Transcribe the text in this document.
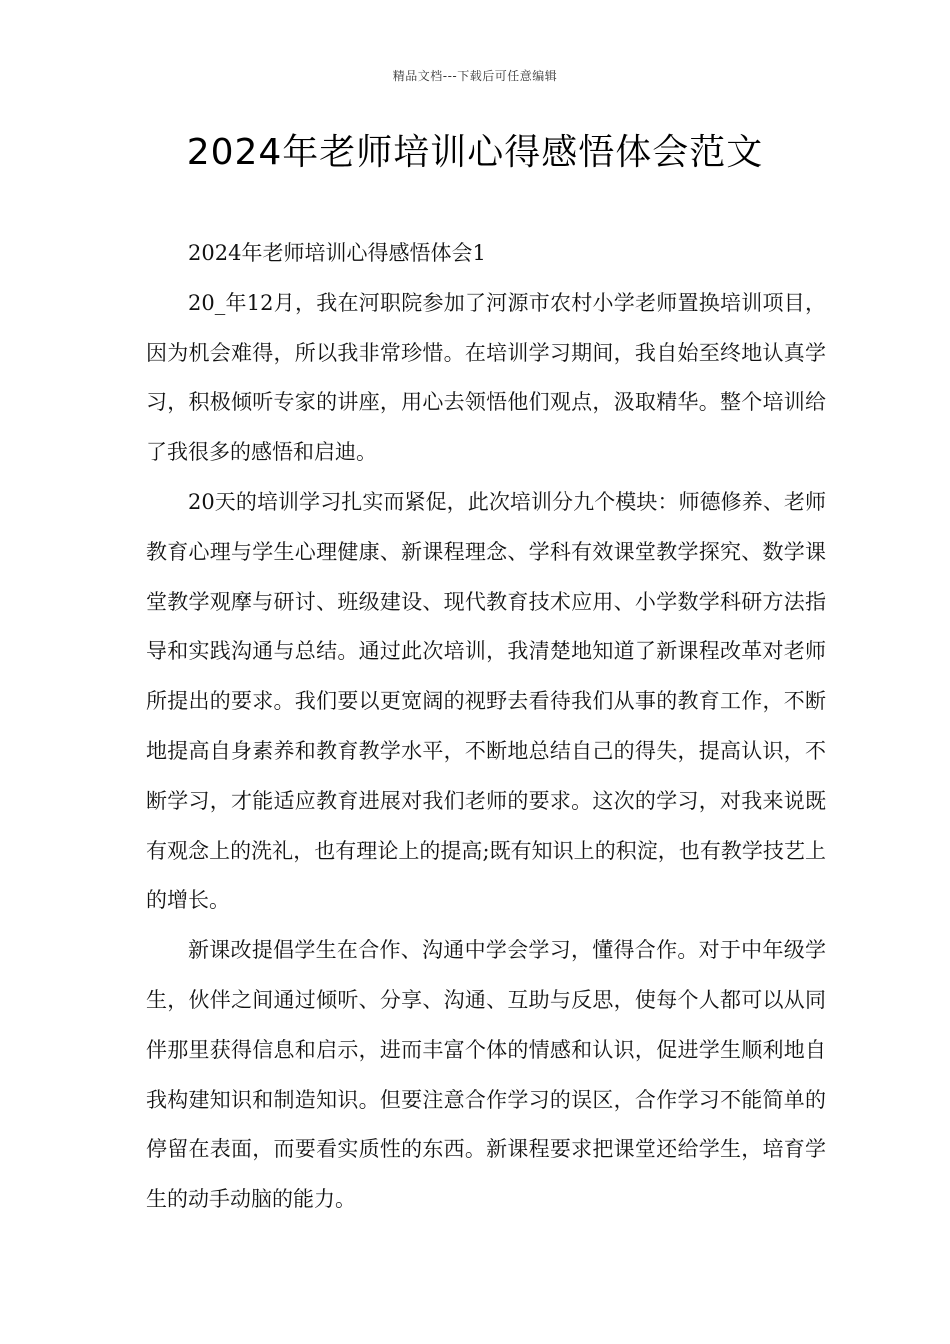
精品文档---下载后可任意编辑
2024年老师培训心得感悟体会范文

2024年老师培训心得感悟体会1

20_年12月，我在河职院参加了河源市农村小学老师置换培训项目，因为机会难得，所以我非常珍惜。在培训学习期间，我自始至终地认真学习，积极倾听专家的讲座，用心去领悟他们观点，汲取精华。整个培训给了我很多的感悟和启迪。

20天的培训学习扎实而紧促，此次培训分九个模块：师德修养、老师教育心理与学生心理健康、新课程理念、学科有效课堂教学探究、数学课堂教学观摩与研讨、班级建设、现代教育技术应用、小学数学科研方法指导和实践沟通与总结。通过此次培训，我清楚地知道了新课程改革对老师所提出的要求。我们要以更宽阔的视野去看待我们从事的教育工作，不断地提高自身素养和教育教学水平，不断地总结自己的得失，提高认识，不断学习，才能适应教育进展对我们老师的要求。这次的学习，对我来说既有观念上的洗礼，也有理论上的提高;既有知识上的积淀，也有教学技艺上的增长。

新课改提倡学生在合作、沟通中学会学习，懂得合作。对于中年级学生，伙伴之间通过倾听、分享、沟通、互助与反思，使每个人都可以从同伴那里获得信息和启示，进而丰富个体的情感和认识，促进学生顺利地自我构建知识和制造知识。但要注意合作学习的误区，合作学习不能简单的停留在表面，而要看实质性的东西。新课程要求把课堂还给学生，培育学生的动手动脑的能力。
